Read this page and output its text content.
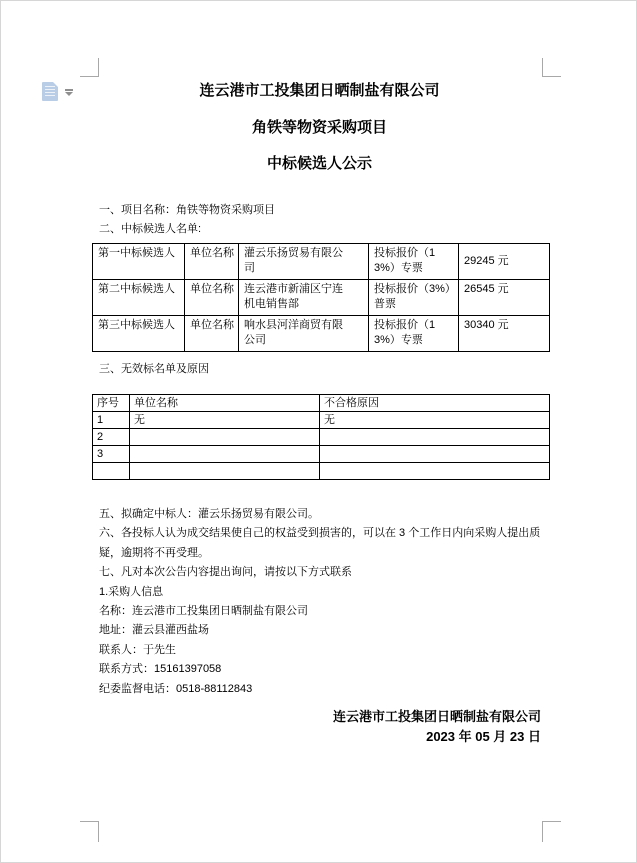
连云港市工投集团日晒制盐有限公司
角铁等物资采购项目
中标候选人公示

一、项目名称：角铁等物资采购项目

二、中标候选人名单:

第一中标候选人	单位名称	灌云乐扬贸易有限公司	投标报价（13%）专票	29245 元
第二中标候选人	单位名称	连云港市新浦区宁连机电销售部	投标报价（3%）普票	26545 元
第三中标候选人	单位名称	响水县河洋商贸有限公司	投标报价（13%）专票	30340 元

三、无效标名单及原因

序号	单位名称	不合格原因
1	无	无
2		
3		

五、拟确定中标人：灌云乐扬贸易有限公司。

六、各投标人认为成交结果使自己的权益受到损害的，可以在 3 个工作日内向采购人提出质疑，逾期将不再受理。

七、凡对本次公告内容提出询问，请按以下方式联系

1.采购人信息

名称：连云港市工投集团日晒制盐有限公司

地址：灌云县灌西盐场

联系人：于先生

联系方式：15161397058

纪委监督电话：0518-88112843

连云港市工投集团日晒制盐有限公司

2023 年 05 月 23 日
